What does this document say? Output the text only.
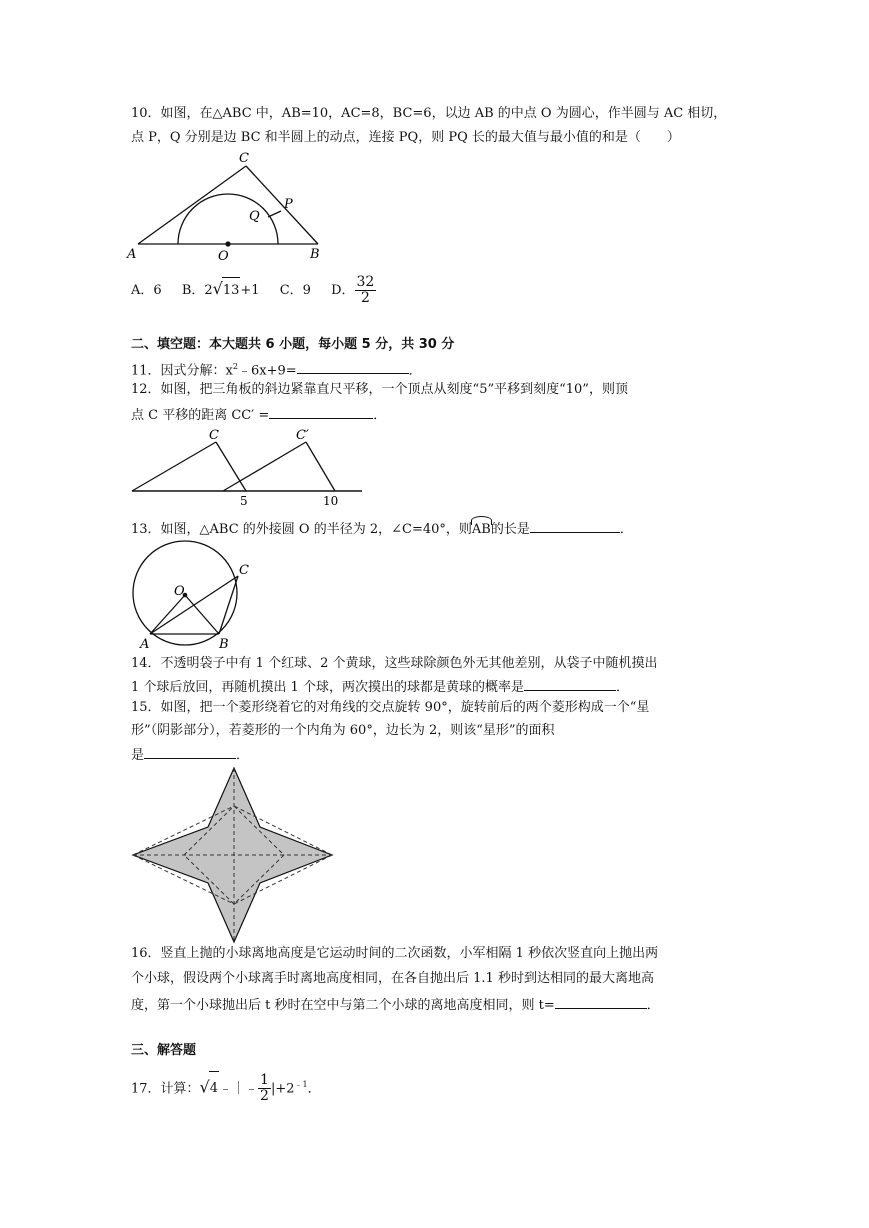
10．如图，在△ABC 中，AB=10，AC=8，BC=6，以边 AB 的中点 O 为圆心，作半圆与 AC 相切，
点 P，Q 分别是边 BC 和半圆上的动点，连接 PQ，则 PQ 长的最大值与最小值的和是（　　）
A	B
C
O
P
Q
A．6 B．2√13+1 C．9 D． $\frac{32}{2}$
二、填空题：本大题共 6 小题，每小题 5 分，共 30 分
11．因式分解：$x^2﹣6x+9=$	．
12．如图，把三角板的斜边紧靠直尺平移，一个顶点从刻度“5”平移到刻度“10”，则顶
点 C 平移的距离 CC′ =	．
C	C′
5	10
13．如图，△ABC 的外接圆 O 的半径为 2，∠C=40°，则AB的长是	．
A	B
C
O
14．不透明袋子中有 1 个红球、2 个黄球，这些球除颜色外无其他差别，从袋子中随机摸出
1 个球后放回，再随机摸出 1 个球，两次摸出的球都是黄球的概率是	．
15．如图，把一个菱形绕着它的对角线的交点旋转 90°，旋转前后的两个菱形构成一个“星
形”（阴影部分），若菱形的一个内角为 60°，边长为 2，则该“星形”的面积
是	．
16．竖直上抛的小球离地高度是它运动时间的二次函数，小军相隔 1 秒依次竖直向上抛出两
个小球，假设两个小球离手时离地高度相同，在各自抛出后 1.1 秒时到达相同的最大离地高
度，第一个小球抛出后 t 秒时在空中与第二个小球的离地高度相同，则 t=	．
三、解答题
17．计算：√4﹣｜﹣ $\frac{1}{2} |+2^{﹣1}$．
